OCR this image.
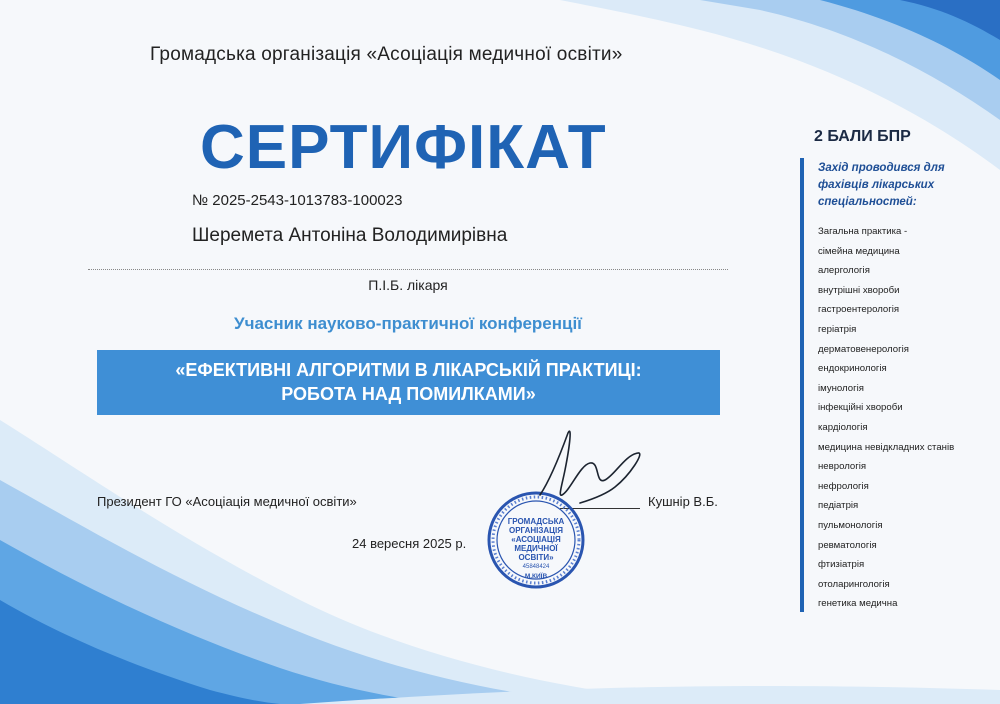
Громадська організація «Асоціація медичної освіти»
СЕРТИФІКАТ
№ 2025-2543-1013783-100023
Шеремета Антоніна Володимирівна
П.І.Б. лікаря
Учасник науково-практичної конференції
«ЕФЕКТИВНІ АЛГОРИТМИ В ЛІКАРСЬКІЙ ПРАКТИЦІ:
РОБОТА НАД ПОМИЛКАМИ»
Президент ГО «Асоціація медичної освіти»	Кушнір В.Б.
24 вересня 2025 р.
ГРОМАДСЬКА
ОРГАНІЗАЦІЯ
«АСОЦІАЦІЯ
МЕДИЧНОЇ
ОСВІТИ»
45848424
М.КИЇВ
2 БАЛИ БПР
Захід проводився для фахівців лікарських спеціальностей:
Загальна практика -
сімейна медицина
алергологія
внутрішні хвороби
гастроентерологія
геріатрія
дерматовенерологія
ендокринологія
імунологія
інфекційні хвороби
кардіологія
медицина невідкладних станів
неврологія
нефрологія
педіатрія
пульмонологія
ревматологія
фтизіатрія
отоларингологія
генетика медична
